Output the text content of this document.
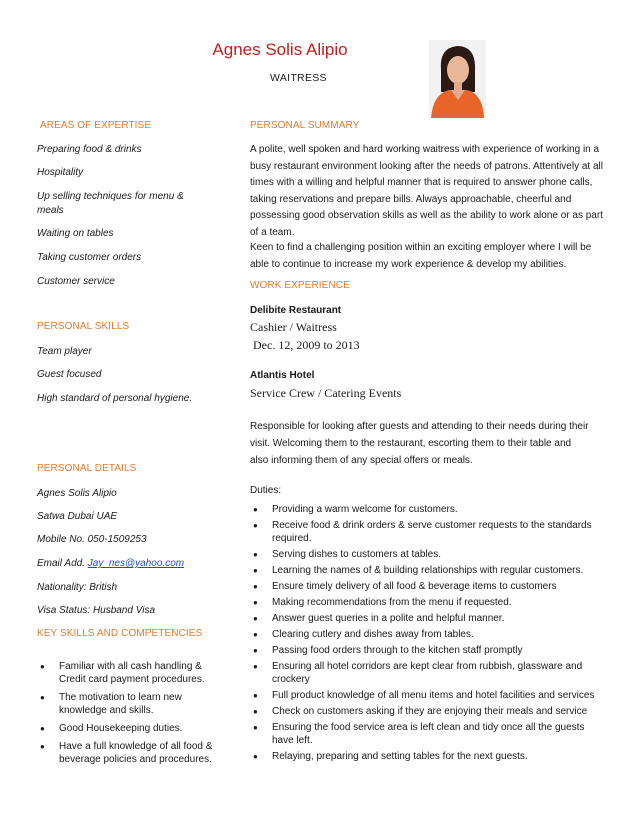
Agnes Solis Alipio
WAITRESS
AREAS OF EXPERTISE
Preparing food & drinks
Hospitality
Up selling techniques for menu & meals
Waiting on tables
Taking customer orders
Customer service
PERSONAL SKILLS
Team player
Guest focused
High standard of personal hygiene.
PERSONAL DETAILS
Agnes Solis Alipio
Satwa Dubai UAE
Mobile No. 050-1509253
Email Add. Jay_nes@yahoo.com
Nationality: British
Visa Status: Husband Visa
KEY SKILLS AND COMPETENCIES
● Familiar with all cash handling & Credit card payment procedures.
● The motivation to learn new knowledge and skills.
● Good Housekeeping duties.
● Have a full knowledge of all food & beverage policies and procedures.
PERSONAL SUMMARY
A polite, well spoken and hard working waitress with experience of working in a busy restaurant environment looking after the needs of patrons. Attentively at all times with a willing and helpful manner that is required to answer phone calls, taking reservations and prepare bills. Always approachable, cheerful and possessing good observation skills as well as the ability to work alone or as part of a team.
Keen to find a challenging position within an exciting employer where I will be able to continue to increase my work experience & develop my abilities.
WORK EXPERIENCE
Delibite Restaurant
Cashier / Waitress
Dec. 12, 2009 to 2013
Atlantis Hotel
Service Crew / Catering Events
Responsible for looking after guests and attending to their needs during their visit. Welcoming them to the restaurant, escorting them to their table and also informing them of any special offers or meals.
Duties:
● Providing a warm welcome for customers.
● Receive food & drink orders & serve customer requests to the standards required.
● Serving dishes to customers at tables.
● Learning the names of & building relationships with regular customers.
● Ensure timely delivery of all food & beverage items to customers
● Making recommendations from the menu if requested.
● Answer guest queries in a polite and helpful manner.
● Clearing cutlery and dishes away from tables.
● Passing food orders through to the kitchen staff promptly
● Ensuring all hotel corridors are kept clear from rubbish, glassware and crockery
● Full product knowledge of all menu items and hotel facilities and services
● Check on customers asking if they are enjoying their meals and service
● Ensuring the food service area is left clean and tidy once all the guests have left.
● Relaying, preparing and setting tables for the next guests.
